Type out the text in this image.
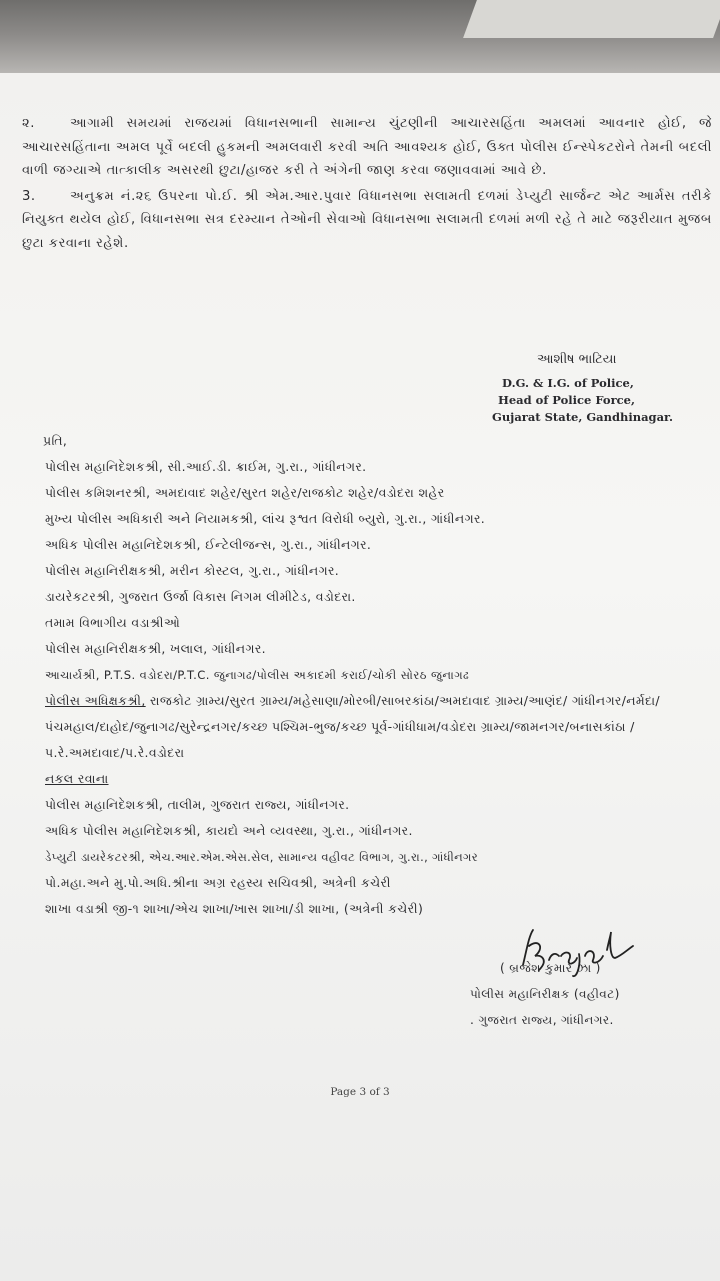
૨.	આગામી સમયમાં રાજયમાં વિધાનસભાની સામાન્ય ચુંટણીની આચારસહિંતા અમલમાં આવનાર હોઈ, જે આચારસહિંતાના અમલ પૂર્વે બદલી હુકમની અમલવારી કરવી અતિ આવશ્યક હોઈ, ઉક્ત પોલીસ ઈન્સ્પેકટરોને તેમની બદલી વાળી જગ્યાએ તાત્કાલીક અસરથી છુટા/હાજર કરી તે અંગેની જાણ કરવા જણાવવામાં આવે છે.

3.	અનુક્રમ નં.૨૬ ઉપરના પો.ઈ. શ્રી એમ.આર.પુવાર વિધાનસભા સલામતી દળમાં ડેપ્યુટી સાર્જન્ટ એટ આર્મસ તરીકે નિયુક્ત થયેલ હોઈ, વિધાનસભા સત્ર દરમ્યાન તેઓની સેવાઓ વિધાનસભા સલામતી દળમાં મળી રહે તે માટે જરૂરીયાત મુજબ છુટા કરવાના રહેશે.

આશીષ ભાટિયા
D.G. & I.G. of Police,
Head of Police Force,
Gujarat State, Gandhinagar.

પ્રતિ,

પોલીસ મહાનિદેશકશ્રી, સી.આઈ.ડી. ક્રાઈમ, ગુ.રા., ગાંધીનગર.

પોલીસ કમિશનરશ્રી, અમદાવાદ શહેર/સુરત શહેર/રાજકોટ શહેર/વડોદરા શહેર

મુખ્ય પોલીસ અધિકારી અને નિયામકશ્રી, લાંચ રૂશ્વત વિરોધી બ્યુરો, ગુ.રા., ગાંધીનગર.

અધિક પોલીસ મહાનિદેશકશ્રી, ઈન્ટેલીજન્સ, ગુ.રા., ગાંધીનગર.

પોલીસ મહાનિરીક્ષકશ્રી, મરીન કોસ્ટલ, ગુ.રા., ગાંધીનગર.

ડાયરેકટરશ્રી, ગુજરાત ઉર્જા વિકાસ નિગમ લીમીટેડ, વડોદરા.

તમામ વિભાગીય વડાશ્રીઓ

પોલીસ મહાનિરીક્ષકશ્રી, ખલાલ, ગાંધીનગર.

આચાર્યશ્રી, P.T.S. વડોદરા/P.T.C. જુનાગઢ/પોલીસ અકાદમી કરાઈ/ચોકી સોરઠ જુનાગઢ

પોલીસ અધિક્ષકશ્રી, રાજકોટ ગ્રામ્ય/સુરત ગ્રામ્ય/મહેસાણા/મોરબી/સાબરકાંઠા/અમદાવાદ ગ્રામ્ય/આણંદ/ ગાંધીનગર/નર્મદા/પંચમહાલ/દાહોદ/જુનાગઢ/સુરેન્દ્રનગર/કચ્છ પશ્ચિમ-ભુજ/કચ્છ પૂર્વ-ગાંધીધામ/વડોદરા ગ્રામ્ય/જામનગર/બનાસકાંઠા /પ.રે.અમદાવાદ/પ.રે.વડોદરા

નકલ રવાના

પોલીસ મહાનિદેશકશ્રી, તાલીમ, ગુજરાત રાજ્ય, ગાંધીનગર.

અધિક પોલીસ મહાનિદેશકશ્રી, કાયદો અને વ્યવસ્થા, ગુ.રા., ગાંધીનગર.

ડેપ્યુટી ડાયરેકટરશ્રી, એચ.આર.એમ.એસ.સેલ, સામાન્ય વહીવટ વિભાગ, ગુ.રા., ગાંધીનગર

પો.મહા.અને મુ.પો.અધિ.શ્રીના અગ્ર રહસ્ય સચિવશ્રી, અત્રેની કચેરી

શાખા વડાશ્રી જી-૧ શાખા/એચ શાખા/ખાસ શાખા/ડી શાખા, (અત્રેની કચેરી)

( બ્રજેશ કુમાર ઝા )
પોલીસ મહાનિરીક્ષક (વહીવટ)
. ગુજરાત રાજ્ય, ગાંધીનગર.
Page 3 of 3
